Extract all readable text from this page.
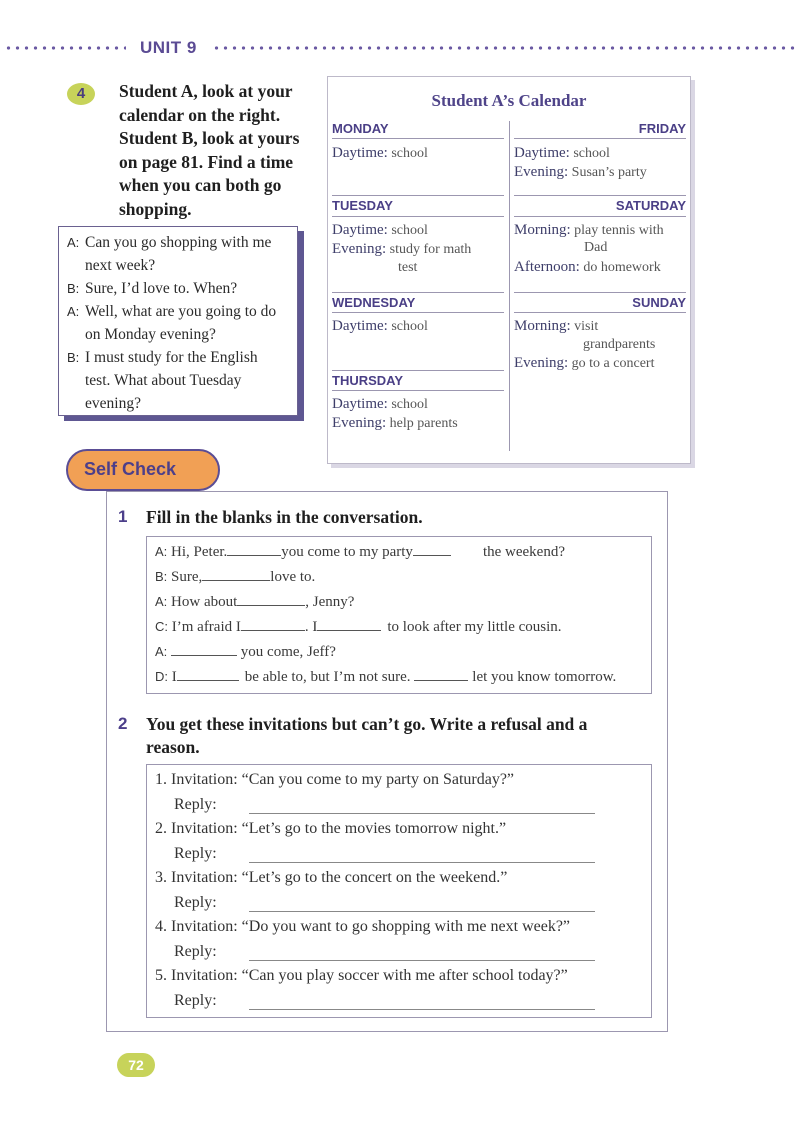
UNIT 9
4	Student A, look at your
calendar on the right.
Student B, look at yours
on page 81. Find a time
when you can both go
shopping.
A: Can you go shopping with me
next week?
B: Sure, I’d love to. When?
A: Well, what are you going to do
on Monday evening?
B: I must study for the English
test. What about Tuesday
evening?
Student A’s Calendar
MONDAY
Daytime: school
TUESDAY
Daytime: school
Evening: study for math
test
WEDNESDAY
Daytime: school
THURSDAY
Daytime: school
Evening: help parents
FRIDAY
Daytime: school
Evening: Susan’s party
SATURDAY
Morning: play tennis with
Dad
Afternoon: do homework
SUNDAY
Morning: visit
grandparents
Evening: go to a concert
Self Check
1 Fill in the blanks in the conversation.
A: Hi, Peter.	you come to my party	the weekend?
B: Sure,	love to.
A: How about	, Jenny?
C: I’m afraid I	. I	to look after my little cousin.
A:	you come, Jeff?
D: I	be able to, but I’m not sure.	let you know tomorrow.
2 You get these invitations but can’t go. Write a refusal and a
reason.
1. Invitation: “Can you come to my party on Saturday?”
Reply:
2. Invitation: “Let’s go to the movies tomorrow night.”
Reply:
3. Invitation: “Let’s go to the concert on the weekend.”
Reply:
4. Invitation: “Do you want to go shopping with me next week?”
Reply:
5. Invitation: “Can you play soccer with me after school today?”
Reply:
72
